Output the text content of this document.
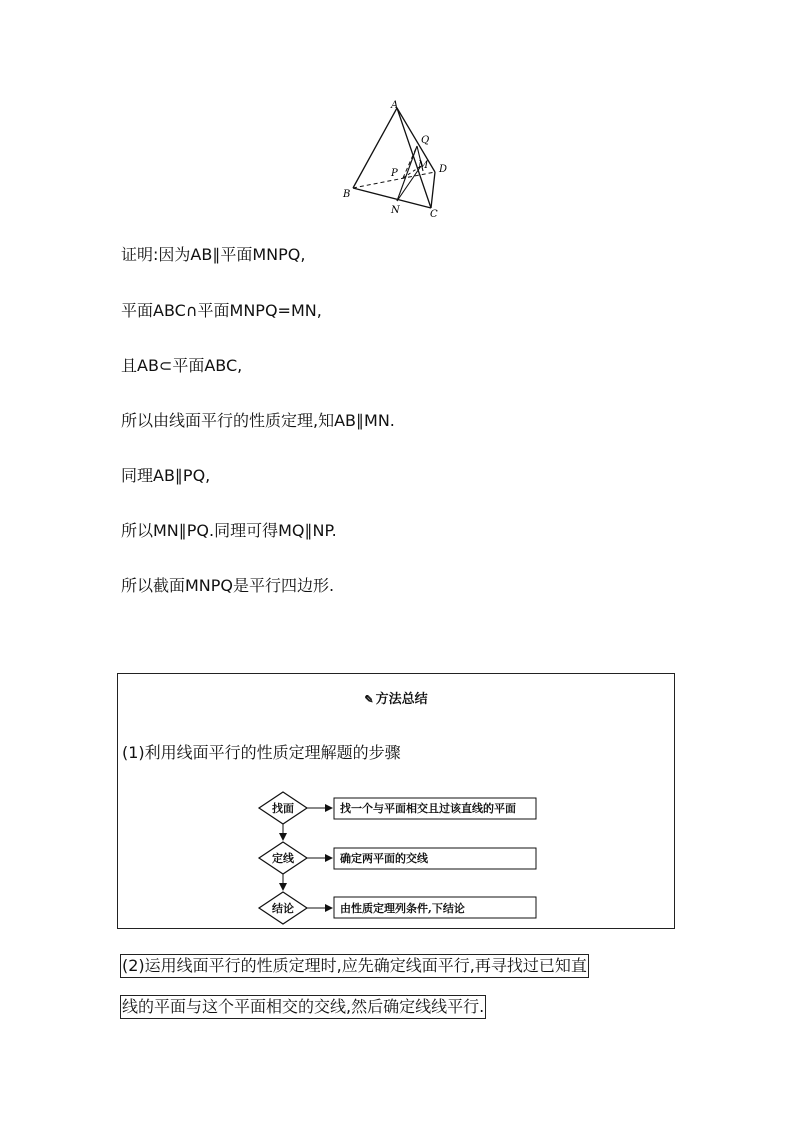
A
B
C
D
M
N
P
Q
证明:因为AB∥平面MNPQ,
平面ABC∩平面MNPQ=MN,
且AB⊂平面ABC,
所以由线面平行的性质定理,知AB∥MN.
同理AB∥PQ,
所以MN∥PQ.同理可得MQ∥NP.
所以截面MNPQ是平行四边形.
✎ 方法总结
(1)利用线面平行的性质定理解题的步骤
找面	找一个与平面相交且过该直线的平面
定线	确定两平面的交线
结论	由性质定理列条件,下结论
(2)运用线面平行的性质定理时,应先确定线面平行,再寻找过已知直
线的平面与这个平面相交的交线,然后确定线线平行.
